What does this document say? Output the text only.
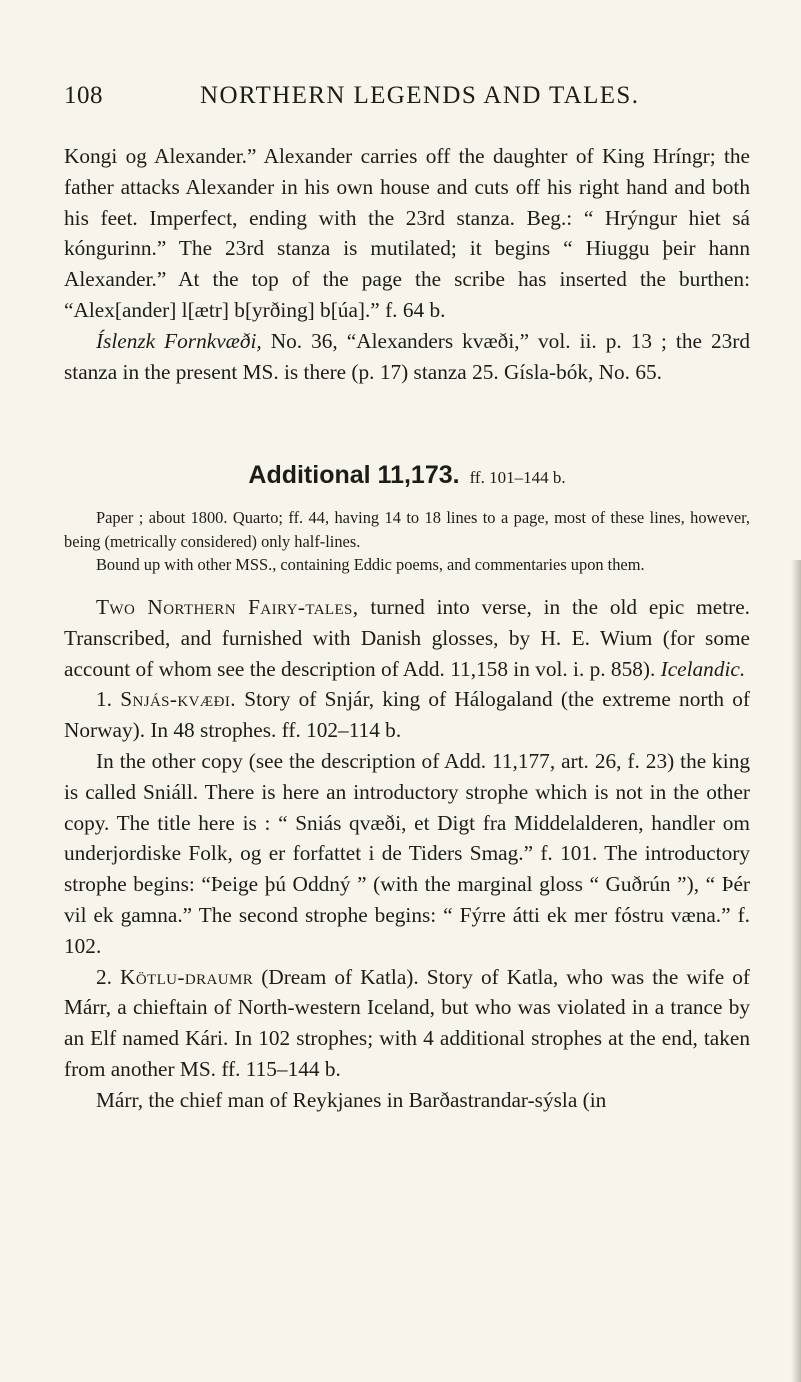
108	NORTHERN LEGENDS AND TALES.

Kongi og Alexander.” Alexander carries off the daughter of King Hríngr; the father attacks Alexander in his own house and cuts off his right hand and both his feet. Imperfect, ending with the 23rd stanza. Beg.: “ Hrýngur hiet sá kóngurinn.” The 23rd stanza is mutilated; it begins “ Hiuggu þeir hann Alexander.” At the top of the page the scribe has inserted the burthen: “Alex[ander] l[ætr] b[yrðing] b[úa].” f. 64 b.

Íslenzk Fornkvæði, No. 36, “Alexanders kvæði,” vol. ii. p. 13 ; the 23rd stanza in the present MS. is there (p. 17) stanza 25. Gísla-bók, No. 65.

Additional 11,173. ff. 101–144 b.

Paper ; about 1800. Quarto; ff. 44, having 14 to 18 lines to a page, most of these lines, however, being (metrically considered) only half-lines.

Bound up with other MSS., containing Eddic poems, and commentaries upon them.

Two Northern Fairy-tales, turned into verse, in the old epic metre. Transcribed, and furnished with Danish glosses, by H. E. Wium (for some account of whom see the description of Add. 11,158 in vol. i. p. 858). Icelandic.

1. Snjás-kvæði. Story of Snjár, king of Hálogaland (the extreme north of Norway). In 48 strophes. ff. 102–114 b.

In the other copy (see the description of Add. 11,177, art. 26, f. 23) the king is called Sniáll. There is here an introductory strophe which is not in the other copy. The title here is : “ Sniás qvæði, et Digt fra Middelalderen, handler om underjordiske Folk, og er forfattet i de Tiders Smag.” f. 101. The introductory strophe begins: “Þeige þú Oddný ” (with the marginal gloss “ Guðrún ”), “ Þér vil ek gamna.” The second strophe begins: “ Fýrre átti ek mer fóstru væna.” f. 102.

2. Kötlu-draumr (Dream of Katla). Story of Katla, who was the wife of Márr, a chieftain of North-western Iceland, but who was violated in a trance by an Elf named Kári. In 102 strophes; with 4 additional strophes at the end, taken from another MS. ff. 115–144 b.

Márr, the chief man of Reykjanes in Barðastrandar-sýsla (in
